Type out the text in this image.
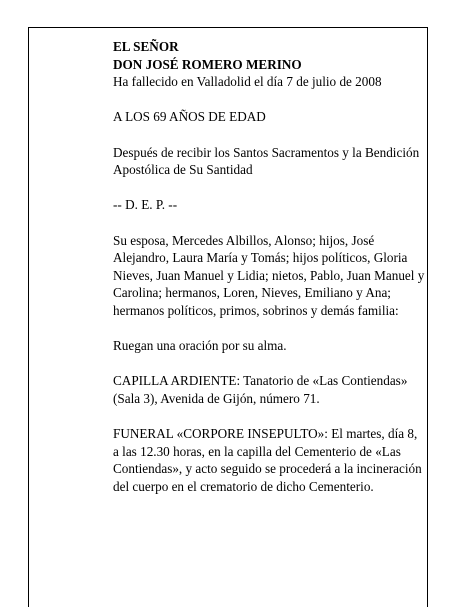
EL SEÑOR

DON JOSÉ ROMERO MERINO

Ha fallecido en Valladolid el día 7 de julio de 2008

A LOS 69 AÑOS DE EDAD

Después de recibir los Santos Sacramentos y la Bendición Apostólica de Su Santidad

-- D. E. P. --

Su esposa, Mercedes Albillos, Alonso; hijos, José Alejandro, Laura María y Tomás; hijos políticos, Gloria Nieves, Juan Manuel y Lidia; nietos, Pablo, Juan Manuel y Carolina; hermanos, Loren, Nieves, Emiliano y Ana; hermanos políticos, primos, sobrinos y demás familia:

Ruegan una oración por su alma.

CAPILLA ARDIENTE: Tanatorio de «Las Contiendas» (Sala 3), Avenida de Gijón, número 71.

FUNERAL «CORPORE INSEPULTO»: El martes, día 8, a las 12.30 horas, en la capilla del Cementerio de «Las Contiendas», y acto seguido se procederá a la incineración del cuerpo en el crematorio de dicho Cementerio.
